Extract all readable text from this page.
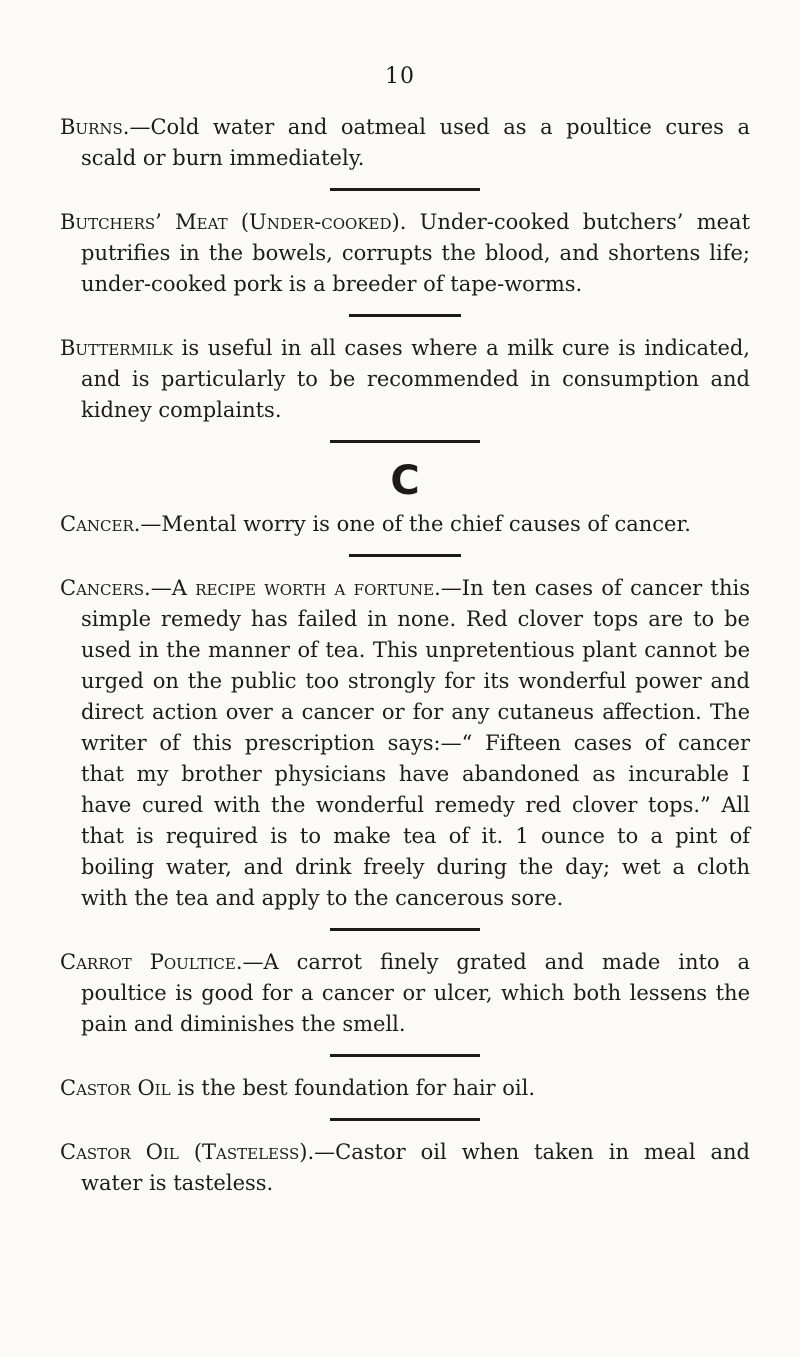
10

Burns.—Cold water and oatmeal used as a poultice cures a scald or burn immediately.

Butchers’ Meat (Under-cooked). Under-cooked butchers’ meat putrifies in the bowels, corrupts the blood, and shortens life; under-cooked pork is a breeder of tape-worms.

Buttermilk is useful in all cases where a milk cure is indicated, and is particularly to be recommended in consumption and kidney complaints.

C

Cancer.—Mental worry is one of the chief causes of cancer.

Cancers.—A recipe worth a fortune.—In ten cases of cancer this simple remedy has failed in none. Red clover tops are to be used in the manner of tea. This unpretentious plant cannot be urged on the public too strongly for its wonderful power and direct action over a cancer or for any cutaneus affection. The writer of this prescription says:—“ Fifteen cases of cancer that my brother physicians have abandoned as incurable I have cured with the wonderful remedy red clover tops.” All that is required is to make tea of it. 1 ounce to a pint of boiling water, and drink freely during the day; wet a cloth with the tea and apply to the cancerous sore.

Carrot Poultice.—A carrot finely grated and made into a poultice is good for a cancer or ulcer, which both lessens the pain and diminishes the smell.

Castor Oil is the best foundation for hair oil.

Castor Oil (Tasteless).—Castor oil when taken in meal and water is tasteless.
